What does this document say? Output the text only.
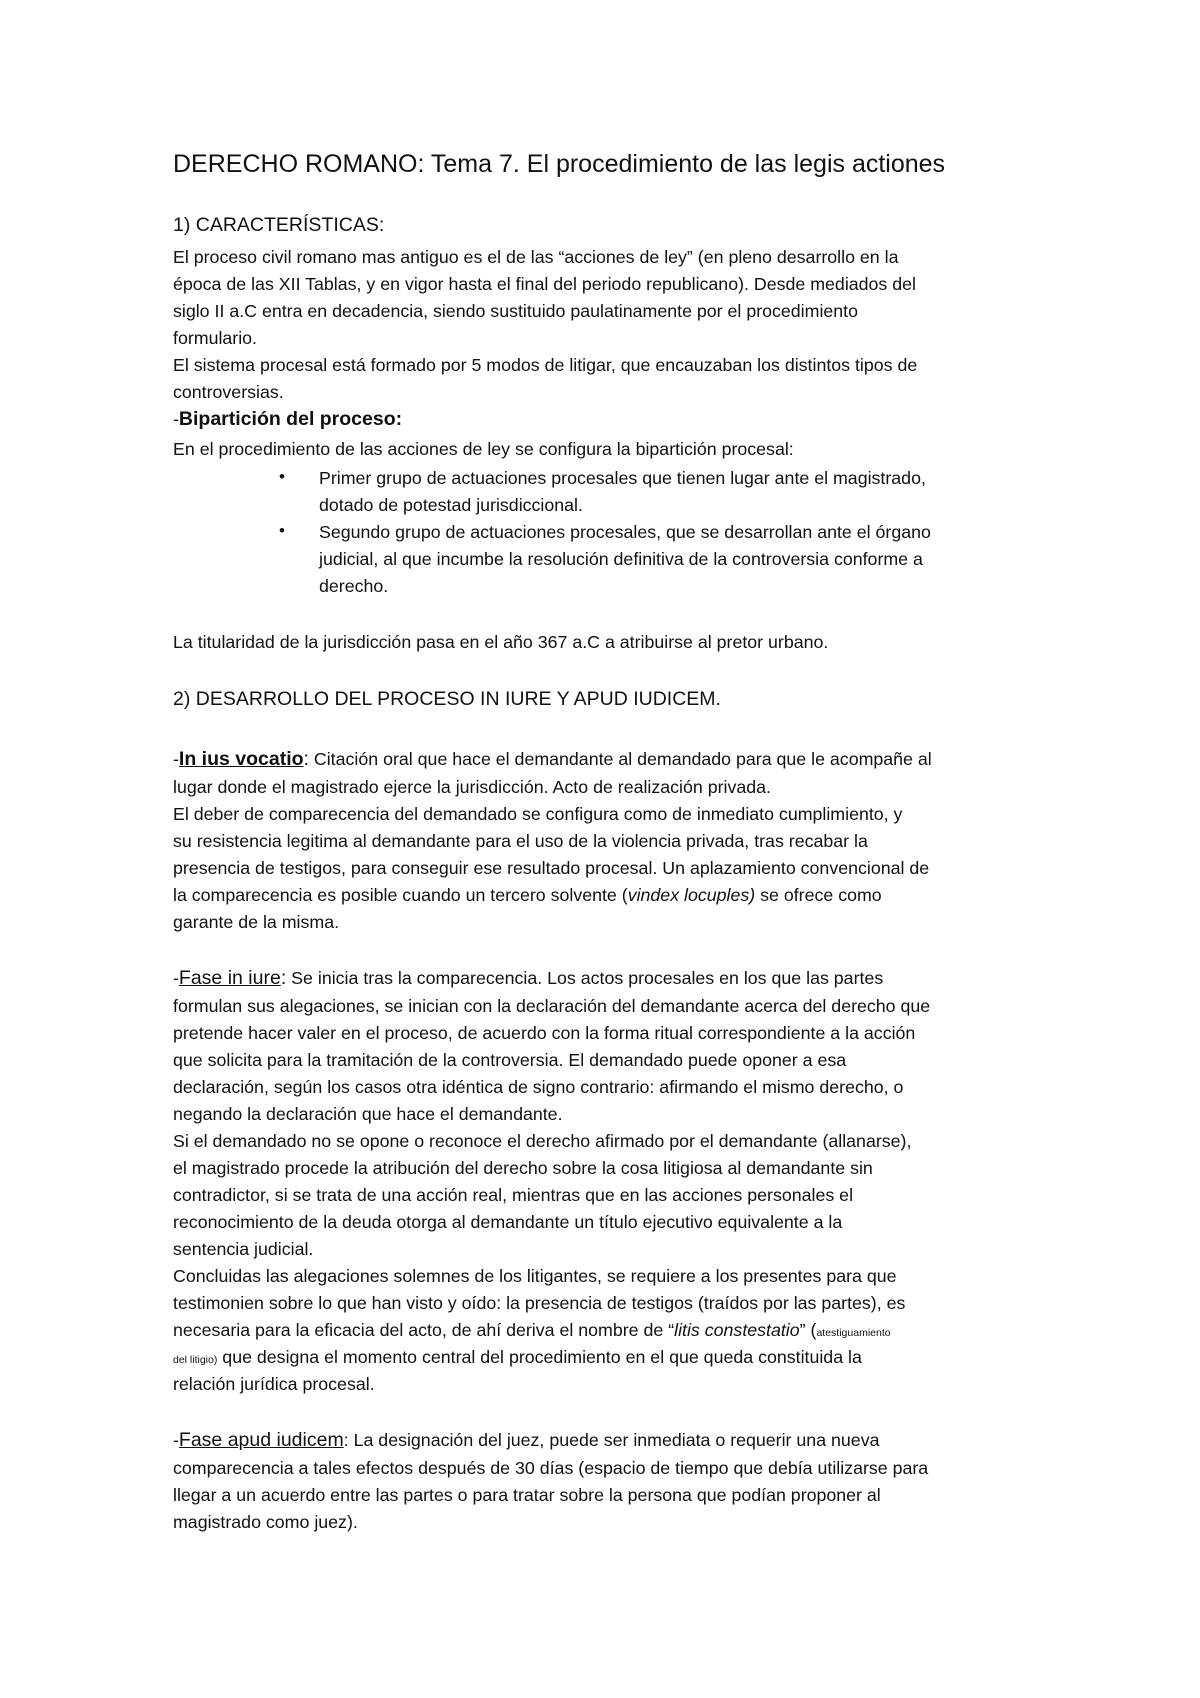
DERECHO ROMANO: Tema 7. El procedimiento de las legis actiones
1) CARACTERÍSTICAS:
El proceso civil romano mas antiguo es el de las “acciones de ley” (en pleno desarrollo en la
época de las XII Tablas, y en vigor hasta el final del periodo republicano). Desde mediados del
siglo II a.C entra en decadencia, siendo sustituido paulatinamente por el procedimiento
formulario.
El sistema procesal está formado por 5 modos de litigar, que encauzaban los distintos tipos de
controversias.
-Bipartición del proceso:
En el procedimiento de las acciones de ley se configura la bipartición procesal:
• Primer grupo de actuaciones procesales que tienen lugar ante el magistrado,
dotado de potestad jurisdiccional.
• Segundo grupo de actuaciones procesales, que se desarrollan ante el órgano
judicial, al que incumbe la resolución definitiva de la controversia conforme a
derecho.
La titularidad de la jurisdicción pasa en el año 367 a.C a atribuirse al pretor urbano.
2) DESARROLLO DEL PROCESO IN IURE Y APUD IUDICEM.
-In ius vocatio: Citación oral que hace el demandante al demandado para que le acompañe al
lugar donde el magistrado ejerce la jurisdicción. Acto de realización privada.
El deber de comparecencia del demandado se configura como de inmediato cumplimiento, y
su resistencia legitima al demandante para el uso de la violencia privada, tras recabar la
presencia de testigos, para conseguir ese resultado procesal. Un aplazamiento convencional de
la comparecencia es posible cuando un tercero solvente (vindex locuples) se ofrece como
garante de la misma.
-Fase in iure: Se inicia tras la comparecencia. Los actos procesales en los que las partes
formulan sus alegaciones, se inician con la declaración del demandante acerca del derecho que
pretende hacer valer en el proceso, de acuerdo con la forma ritual correspondiente a la acción
que solicita para la tramitación de la controversia. El demandado puede oponer a esa
declaración, según los casos otra idéntica de signo contrario: afirmando el mismo derecho, o
negando la declaración que hace el demandante.
Si el demandado no se opone o reconoce el derecho afirmado por el demandante (allanarse),
el magistrado procede la atribución del derecho sobre la cosa litigiosa al demandante sin
contradictor, si se trata de una acción real, mientras que en las acciones personales el
reconocimiento de la deuda otorga al demandante un título ejecutivo equivalente a la
sentencia judicial.
Concluidas las alegaciones solemnes de los litigantes, se requiere a los presentes para que
testimonien sobre lo que han visto y oído: la presencia de testigos (traídos por las partes), es
necesaria para la eficacia del acto, de ahí deriva el nombre de “litis constestatio” (atestiguamiento
del litigio) que designa el momento central del procedimiento en el que queda constituida la
relación jurídica procesal.
-Fase apud iudicem: La designación del juez, puede ser inmediata o requerir una nueva
comparecencia a tales efectos después de 30 días (espacio de tiempo que debía utilizarse para
llegar a un acuerdo entre las partes o para tratar sobre la persona que podían proponer al
magistrado como juez).
